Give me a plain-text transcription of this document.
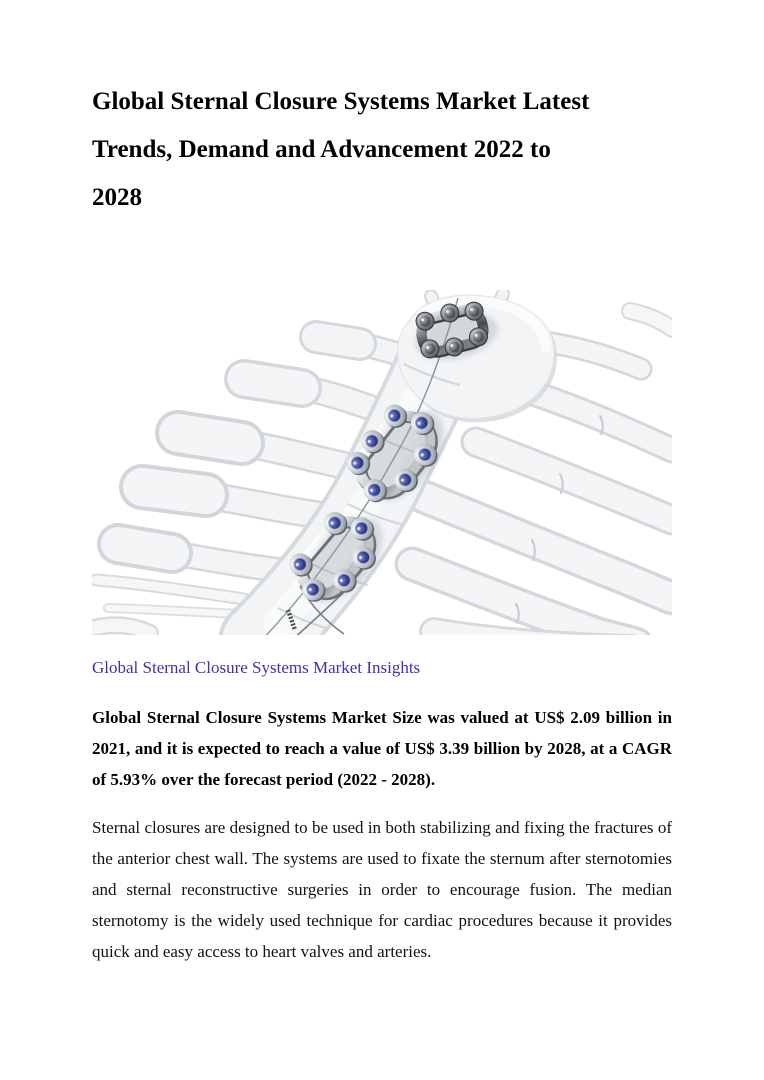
Global Sternal Closure Systems Market Latest
Trends, Demand and Advancement 2022 to
2028

Global Sternal Closure Systems Market Insights

Global Sternal Closure Systems Market Size was valued at US$ 2.09 billion in 2021, and it is expected to reach a value of US$ 3.39 billion by 2028, at a CAGR of 5.93% over the forecast period (2022 - 2028).

Sternal closures are designed to be used in both stabilizing and fixing the fractures of the anterior chest wall. The systems are used to fixate the sternum after sternotomies and sternal reconstructive surgeries in order to encourage fusion. The median sternotomy is the widely used technique for cardiac procedures because it provides quick and easy access to heart valves and arteries.
